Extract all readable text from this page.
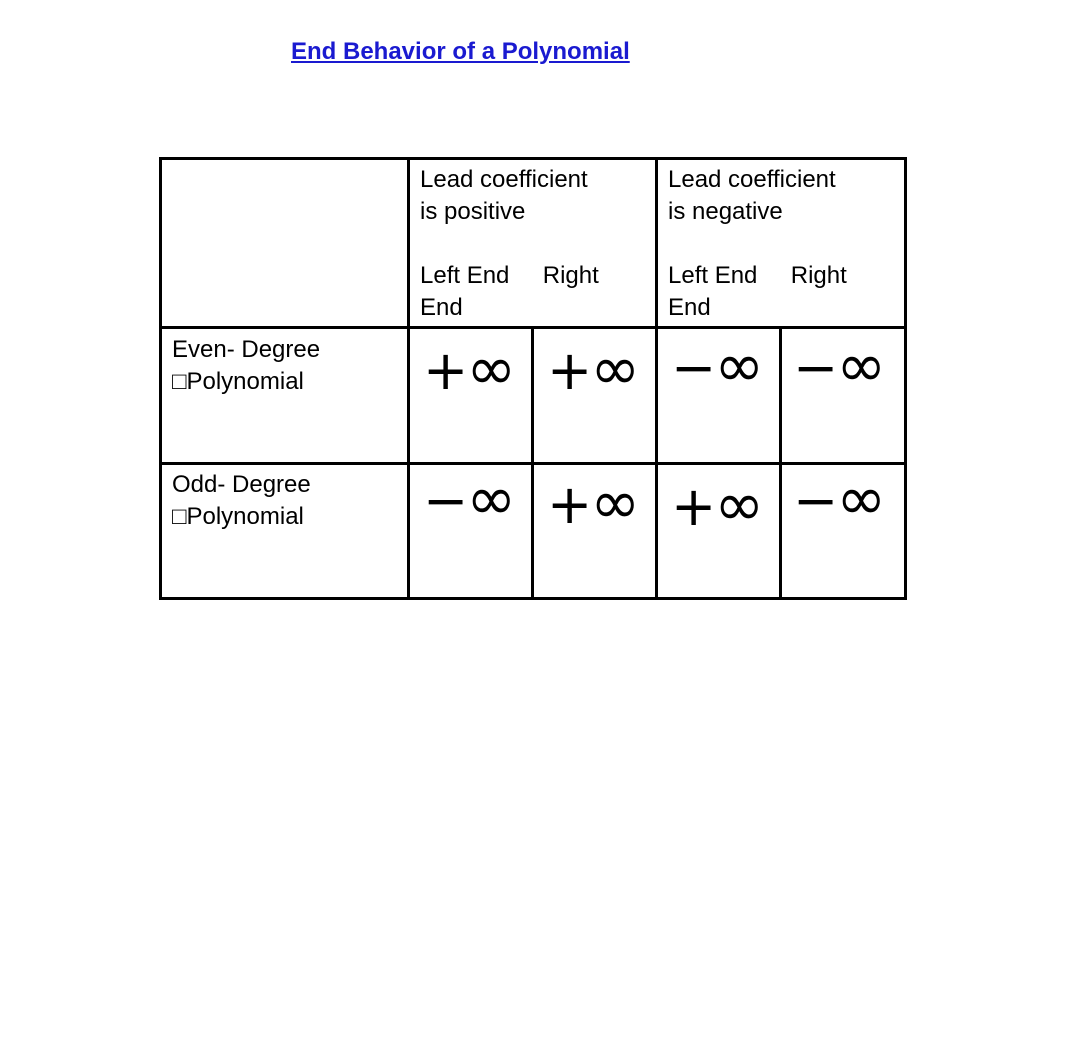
End Behavior of a Polynomial
Lead coefficient
is positive
Left End     Right
End
Lead coefficient
is negative
Left End     Right
End
Even- Degree
□Polynomial
Odd- Degree
□Polynomial
+∞ +∞ −∞ −∞
−∞ +∞ +∞ −∞
